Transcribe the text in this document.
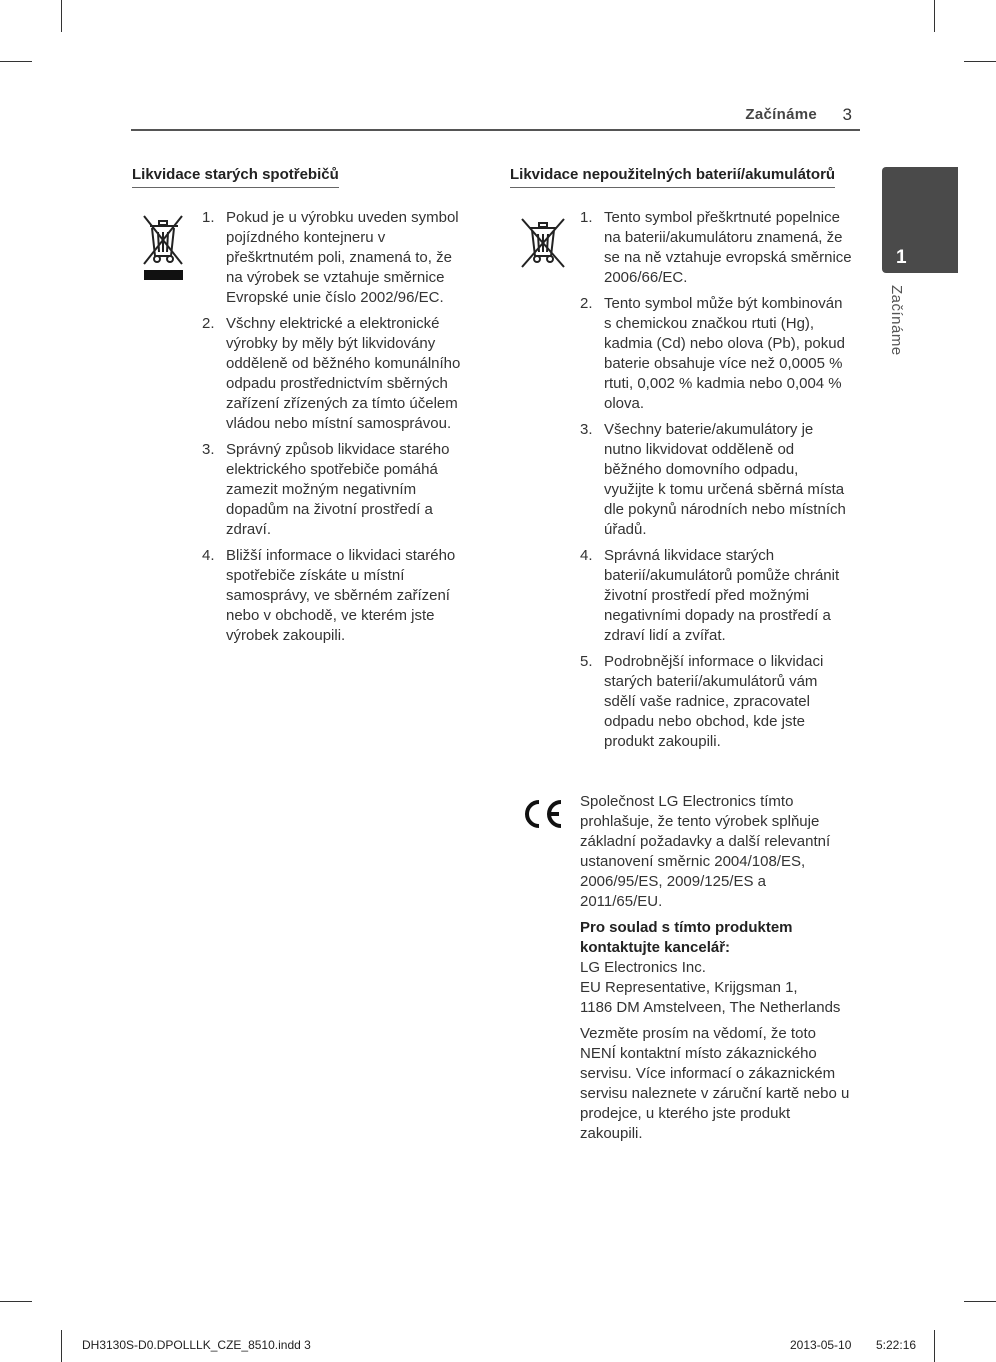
Začínáme 3
1
Začínáme
Likvidace starých spotřebičů
1. Pokud je u výrobku uveden symbol pojízdného kontejneru v přeškrtnutém poli, znamená to, že na výrobek se vztahuje směrnice Evropské unie číslo 2002/96/EC.
2. Všchny elektrické a elektronické výrobky by měly být likvidovány odděleně od běžného komunálního odpadu prostřednictvím sběrných zařízení zřízených za tímto účelem vládou nebo místní samosprávou.
3. Správný způsob likvidace starého elektrického spotřebiče pomáhá zamezit možným negativním dopadům na životní prostředí a zdraví.
4. Bližší informace o likvidaci starého spotřebiče získáte u místní samosprávy, ve sběrném zařízení nebo v obchodě, ve kterém jste výrobek zakoupili.
Likvidace nepoužitelných baterií/akumulátorů
1. Tento symbol přeškrtnuté popelnice na baterii/akumulátoru znamená, že se na ně vztahuje evropská směrnice 2006/66/EC.
2. Tento symbol může být kombinován s chemickou značkou rtuti (Hg), kadmia (Cd) nebo olova (Pb), pokud baterie obsahuje více než 0,0005 % rtuti, 0,002 % kadmia nebo 0,004 % olova.
3. Všechny baterie/akumulátory je nutno likvidovat odděleně od běžného domovního odpadu, využijte k tomu určená sběrná místa dle pokynů národních nebo místních úřadů.
4. Správná likvidace starých baterií/akumulátorů pomůže chránit životní prostředí před možnými negativními dopady na prostředí a zdraví lidí a zvířat.
5. Podrobnější informace o likvidaci starých baterií/akumulátorů vám sdělí vaše radnice, zpracovatel odpadu nebo obchod, kde jste produkt zakoupili.

Společnost LG Electronics tímto prohlašuje, že tento výrobek splňuje základní požadavky a další relevantní ustanovení směrnic 2004/108/ES, 2006/95/ES, 2009/125/ES a 2011/65/EU.

Pro soulad s tímto produktem kontaktujte kancelář:

LG Electronics Inc.

EU Representative, Krijgsman 1,

1186 DM Amstelveen, The Netherlands

Vezměte prosím na vědomí, že toto NENÍ kontaktní místo zákaznického servisu. Více informací o zákaznickém servisu naleznete v záruční kartě nebo u prodejce, u kterého jste produkt zakoupili.

DH3130S-D0.DPOLLLK_CZE_8510.indd 3	2013-05-10 5:22:16
